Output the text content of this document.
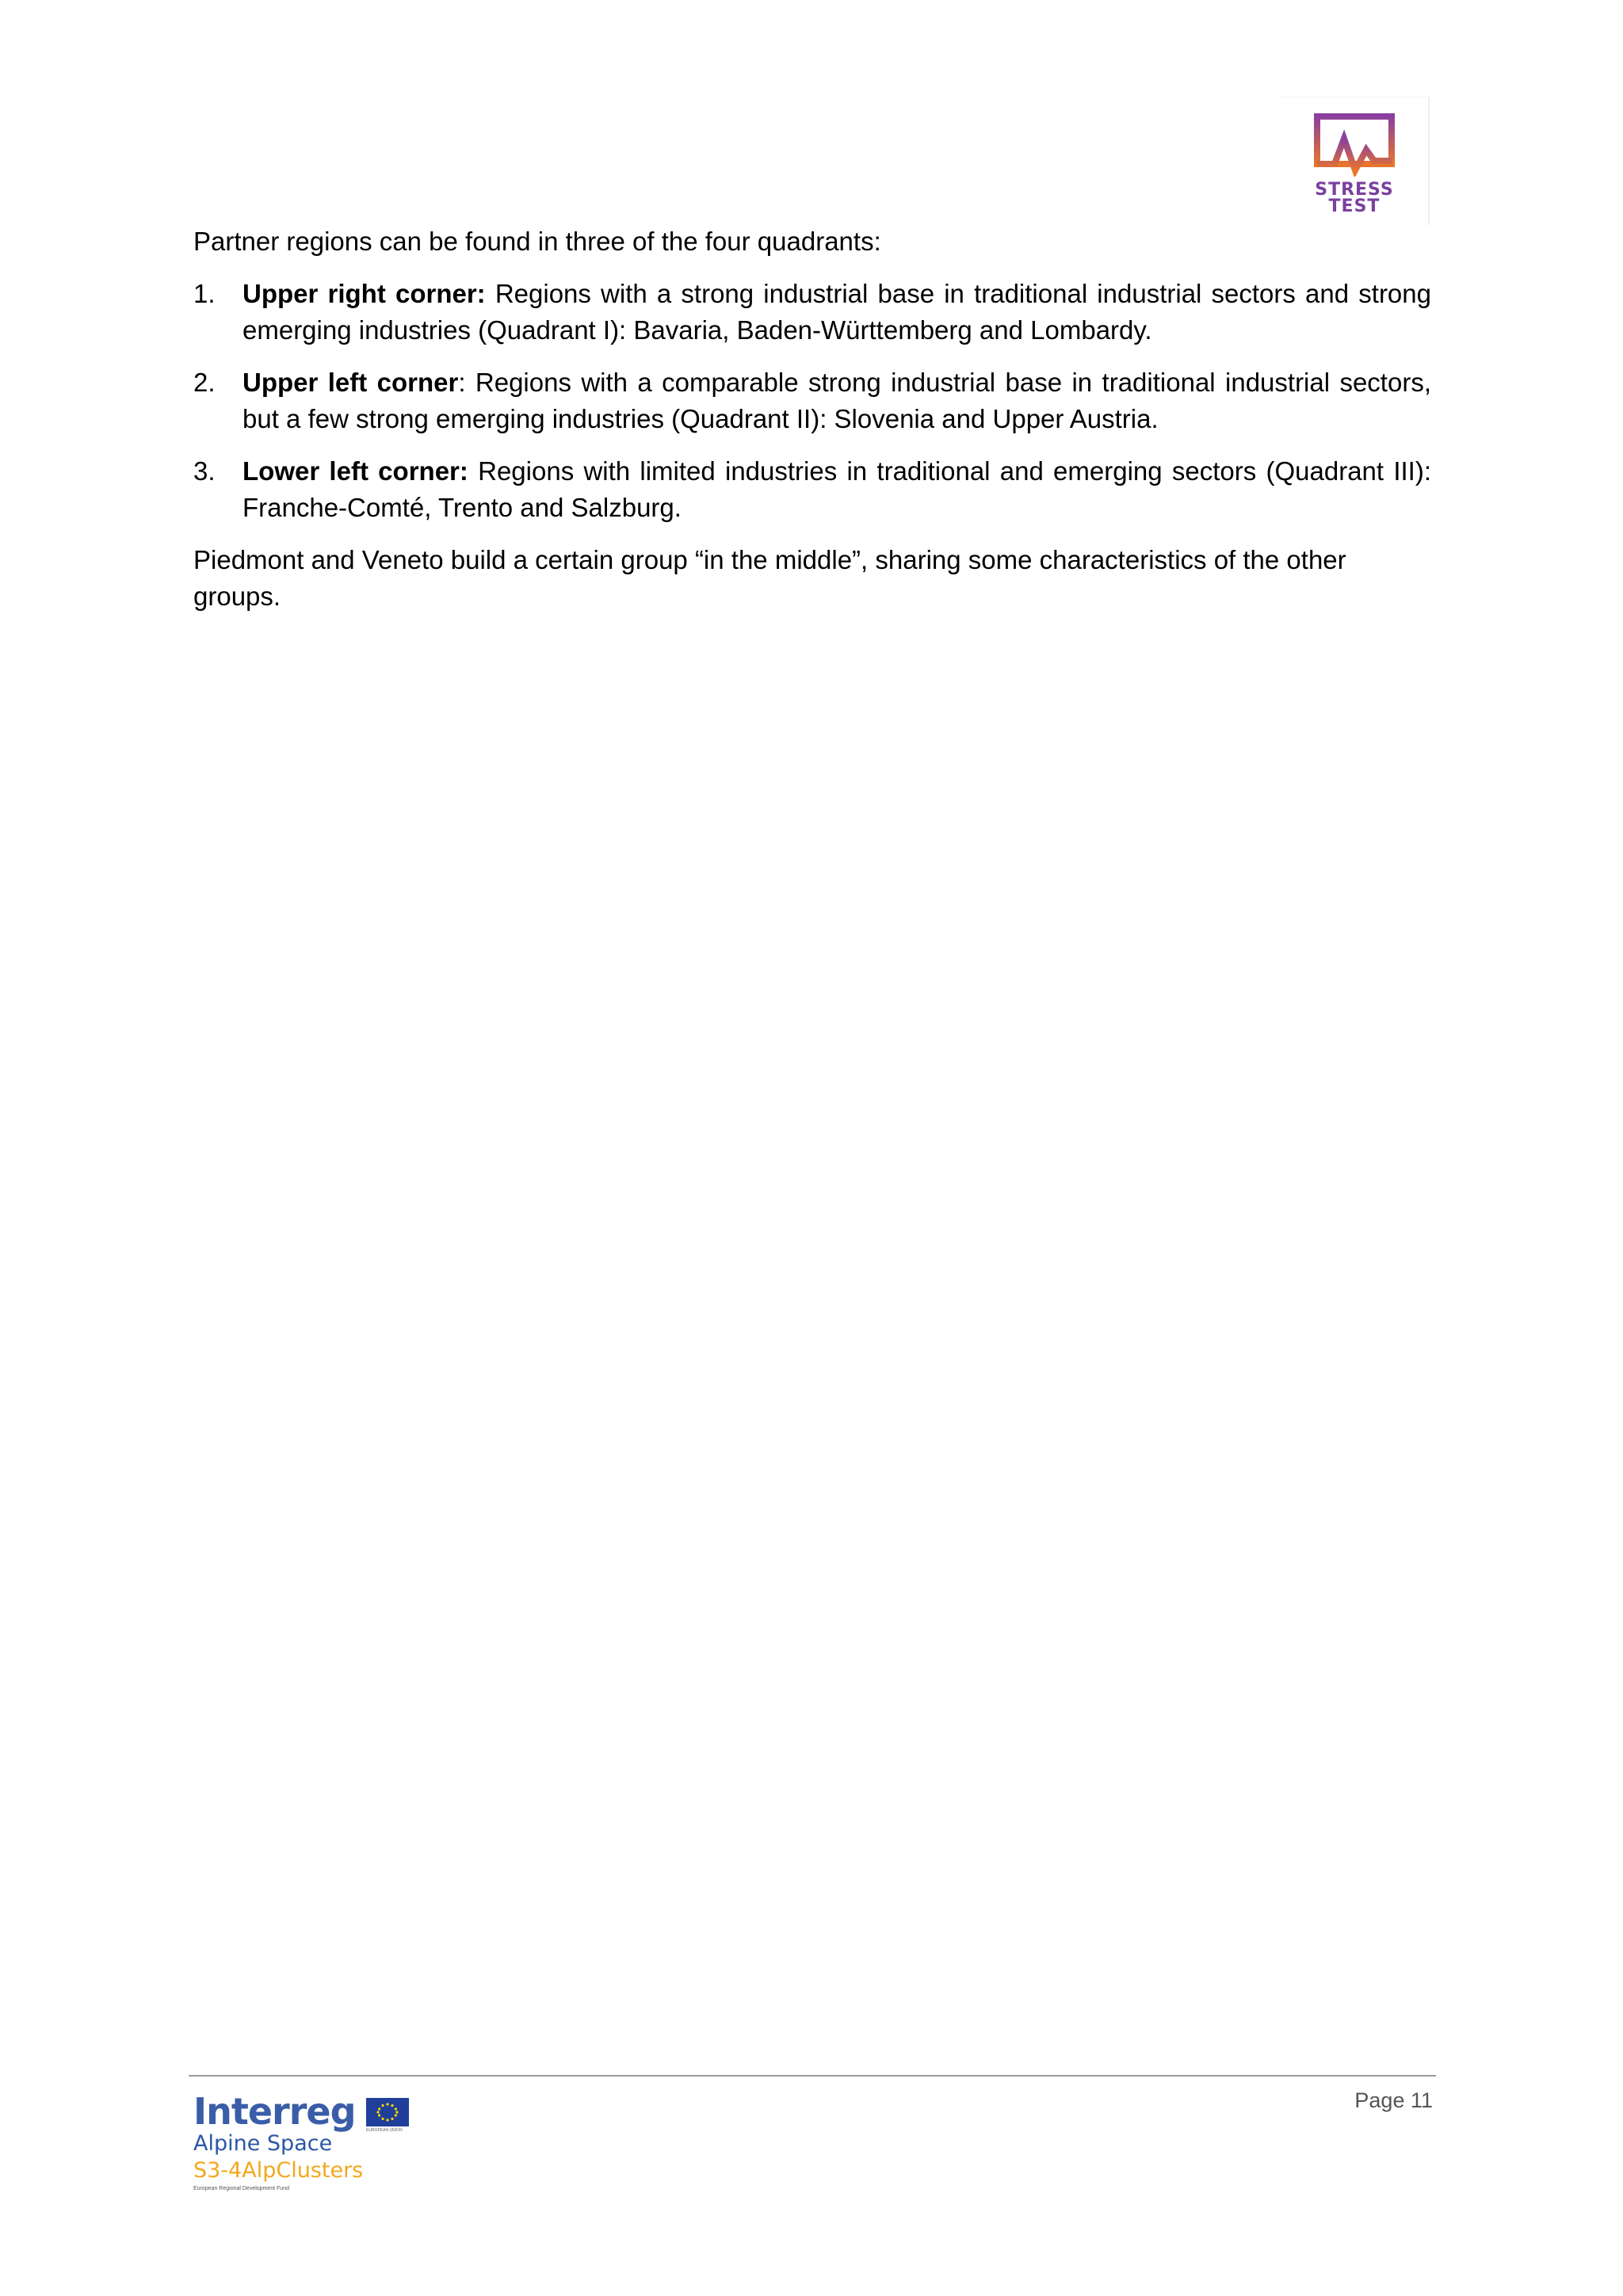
STRESS
TEST

Partner regions can be found in three of the four quadrants:

1. Upper right corner: Regions with a strong industrial base in traditional industrial sectors and strong emerging industries (Quadrant I): Bavaria, Baden-Württemberg and Lombardy.
2. Upper left corner: Regions with a comparable strong industrial base in traditional industrial sectors, but a few strong emerging industries (Quadrant II): Slovenia and Upper Austria.
3. Lower left corner: Regions with limited industries in traditional and emerging sectors (Quadrant III): Franche-Comté, Trento and Salzburg.

Piedmont and Veneto build a certain group “in the middle”, sharing some characteristics of the other groups.

Page 11
Interreg	EUROPEAN UNION
Alpine Space
S3-4AlpClusters
European Regional Development Fund
